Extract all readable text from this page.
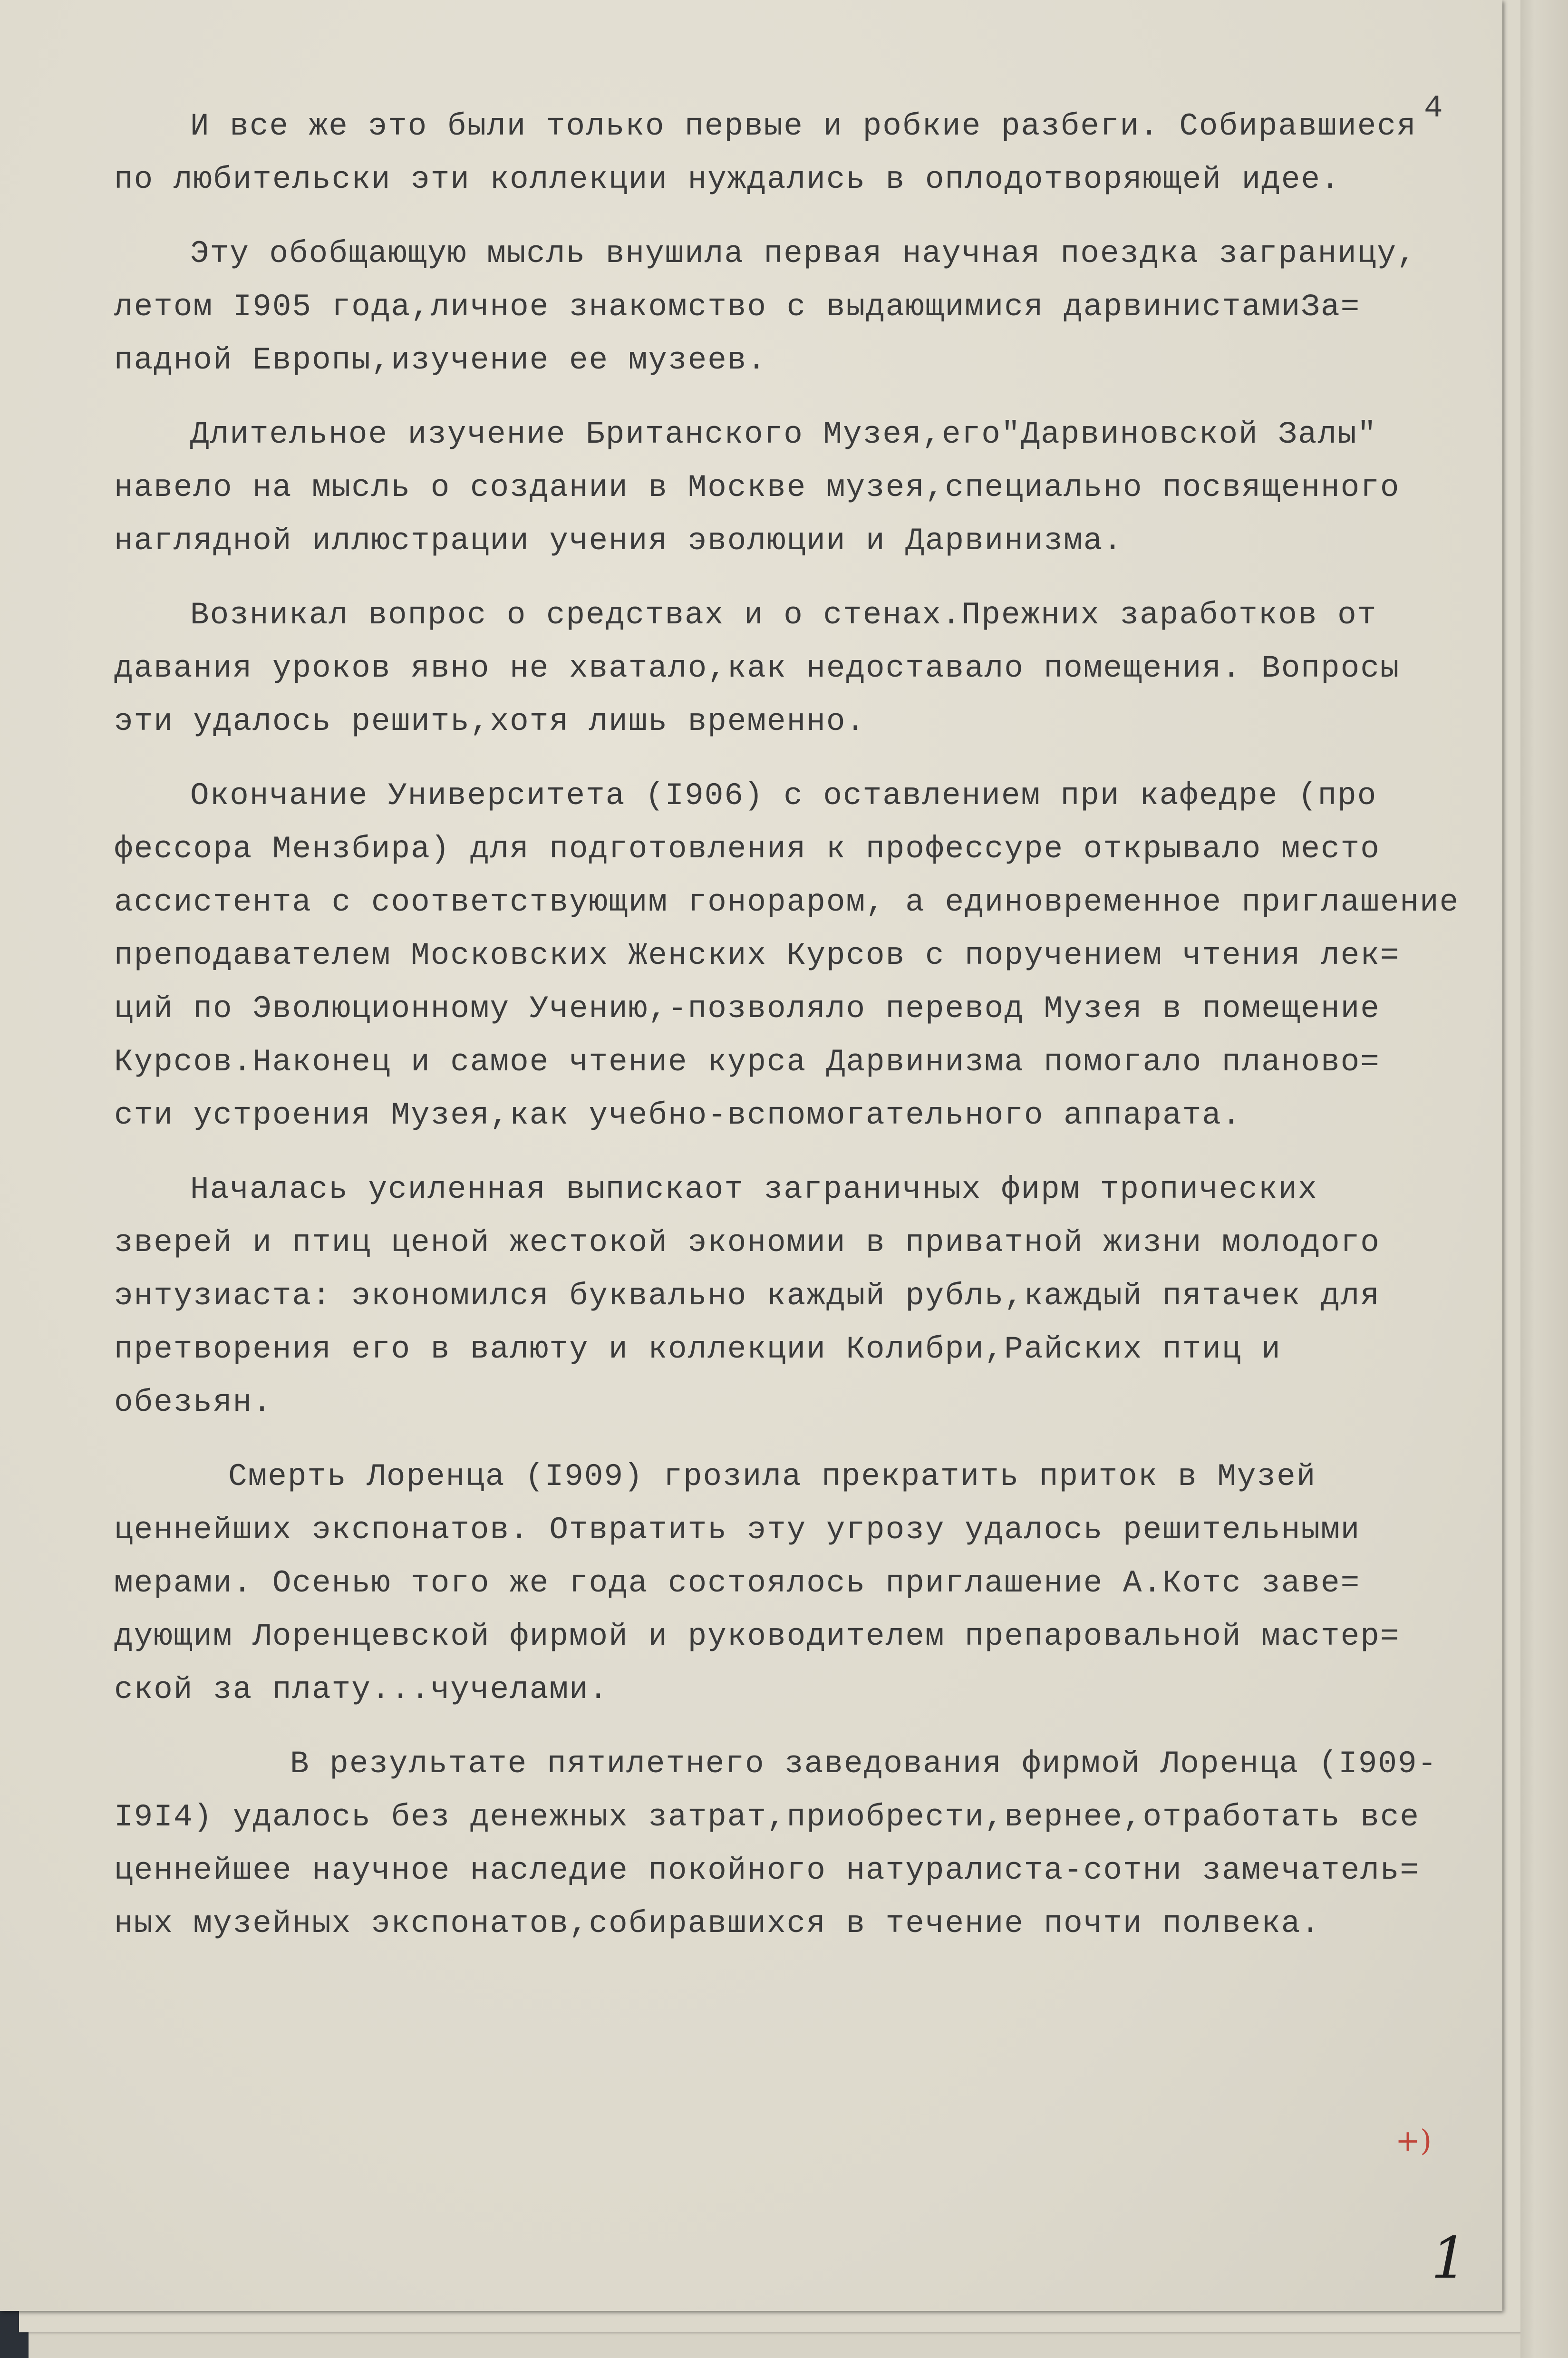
4
И все же это были только первые и робкие разбеги. Собиравшиеся
по любительски эти коллекции нуждались в оплодотворяющей идее.
Эту обобщающую мысль внушила первая научная поездка заграницу,
летом I905 года,личное знакомство с выдающимися дарвинистамиЗа=
падной Европы,изучение ее музеев.
Длительное изучение Британского Музея,его"Дарвиновской Залы"
навело на мысль о создании в Москве музея,специально посвященного
наглядной иллюстрации учения эволюции и Дарвинизма.
Возникал вопрос о средствах и о стенах.Прежних заработков от
давания уроков явно не хватало,как недоставало помещения. Вопросы
эти удалось решить,хотя лишь временно.
Окончание Университета (I906) с оставлением при кафедре (про
фессора Мензбира) для подготовления к профессуре открывало место
ассистента с соответствующим гонораром, а единовременное приглашение
преподавателем Московских Женских Курсов с поручением чтения лек=
ций по Эволюционному Учению,-позволяло перевод Музея в помещение
Курсов.Наконец и самое чтение курса Дарвинизма помогало планово=
сти устроения Музея,как учебно-вспомогательного аппарата.
Началась усиленная выпискаот заграничных фирм тропических
зверей и птиц ценой жестокой экономии в приватной жизни молодого
энтузиаста: экономился буквально каждый рубль,каждый пятачек для
претворения его в валюту и коллекции Колибри,Райских птиц и
обезьян.
Смерть Лоренца (I909) грозила прекратить приток в Музей
ценнейших экспонатов. Отвратить эту угрозу удалось решительными
мерами. Осенью того же года состоялось приглашение А.Котс заве=
дующим Лоренцевской фирмой и руководителем препаровальной мастер=
ской за плату...чучелами.
В результате пятилетнего заведования фирмой Лоренца (I909-
I9I4) удалось без денежных затрат,приобрести,вернее,отработать все
ценнейшее научное наследие покойного натуралиста-сотни замечатель=
ных музейных экспонатов,собиравшихся в течение почти полвека.
+)
1
